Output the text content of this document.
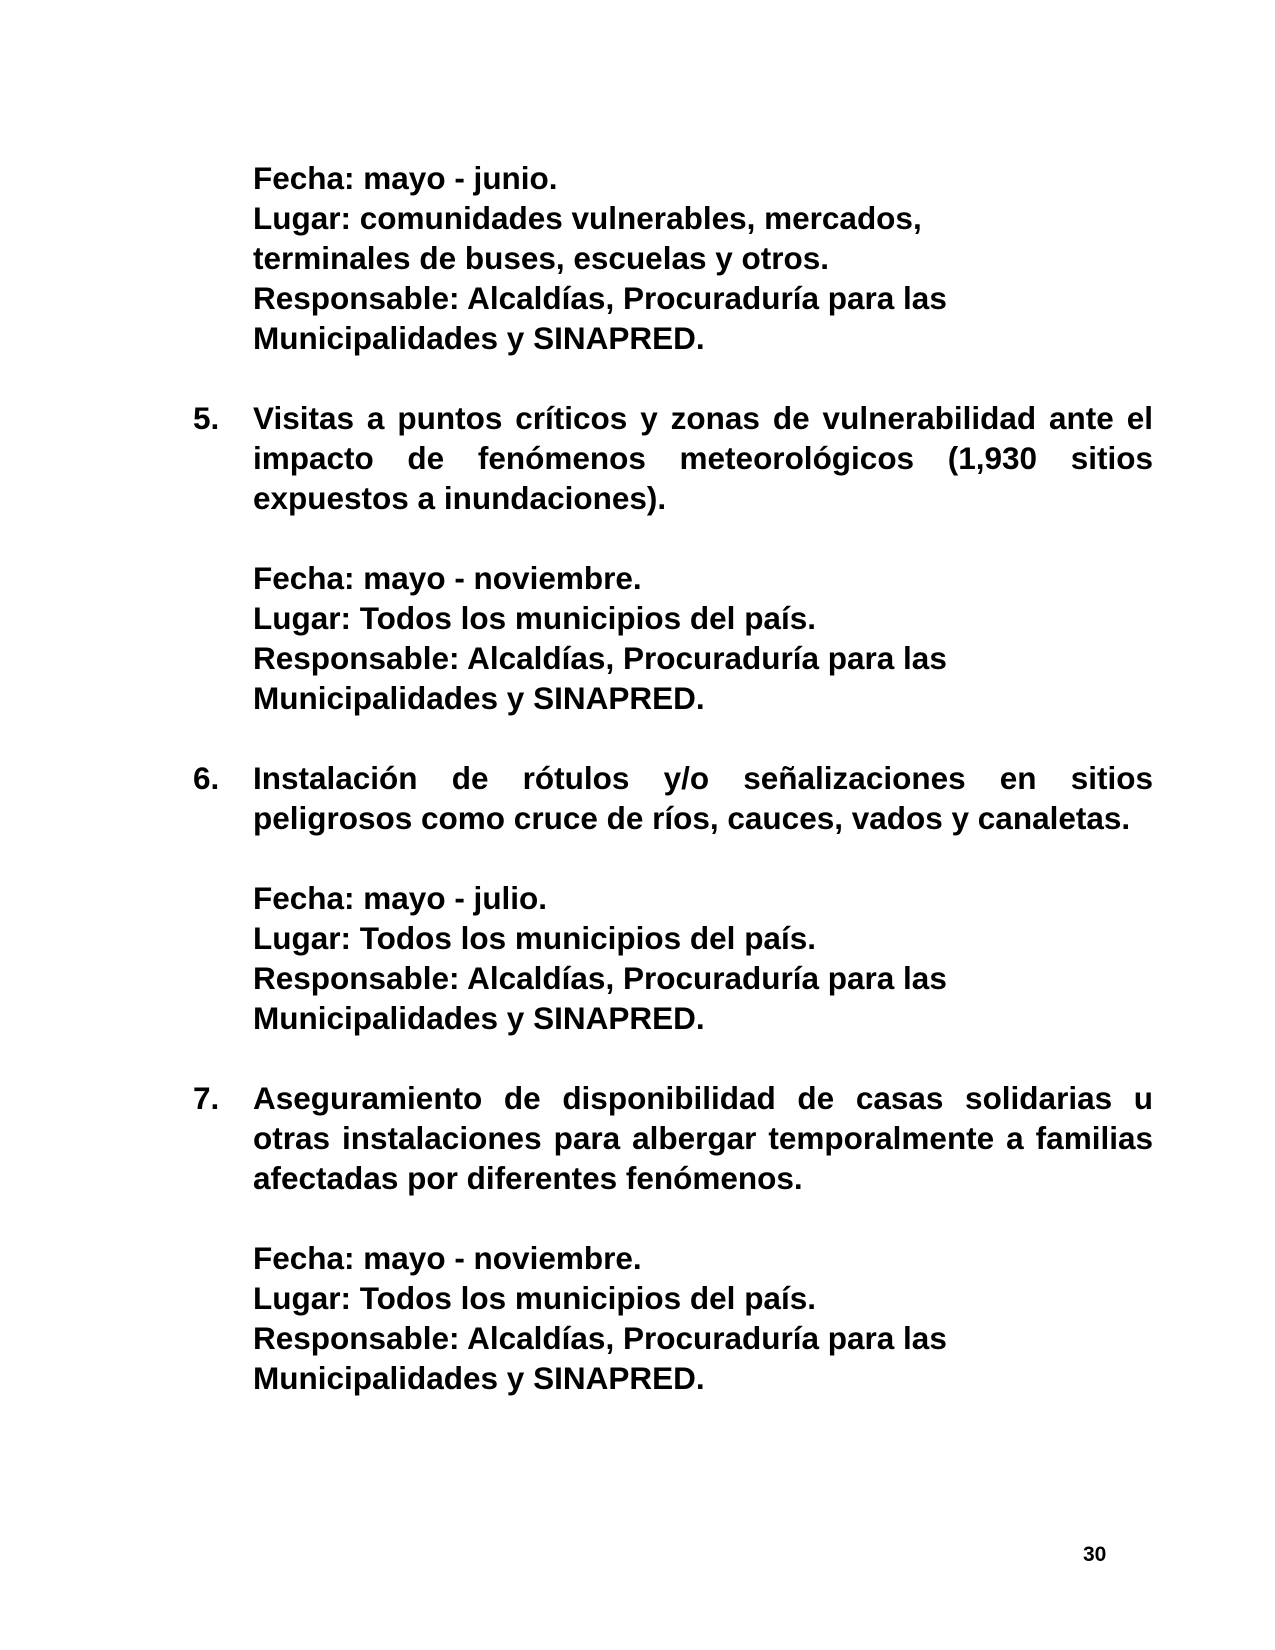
Fecha: mayo - junio.
Lugar: comunidades vulnerables, mercados, terminales de buses, escuelas y otros.
Responsable: Alcaldías, Procuraduría para las Municipalidades y SINAPRED.
5.	Visitas a puntos críticos y zonas de vulnerabilidad ante el impacto de fenómenos meteorológicos (1,930 sitios expuestos a inundaciones).
Fecha: mayo - noviembre.
Lugar: Todos los municipios del país.
Responsable: Alcaldías, Procuraduría para las Municipalidades y SINAPRED.
6.	Instalación de rótulos y/o señalizaciones en sitios peligrosos como cruce de ríos, cauces, vados y canaletas.
Fecha: mayo - julio.
Lugar: Todos los municipios del país.
Responsable: Alcaldías, Procuraduría para las Municipalidades y SINAPRED.
7.	Aseguramiento de disponibilidad de casas solidarias u otras instalaciones para albergar temporalmente a familias afectadas por diferentes fenómenos.
Fecha: mayo - noviembre.
Lugar: Todos los municipios del país.
Responsable: Alcaldías, Procuraduría para las Municipalidades y SINAPRED.
30
